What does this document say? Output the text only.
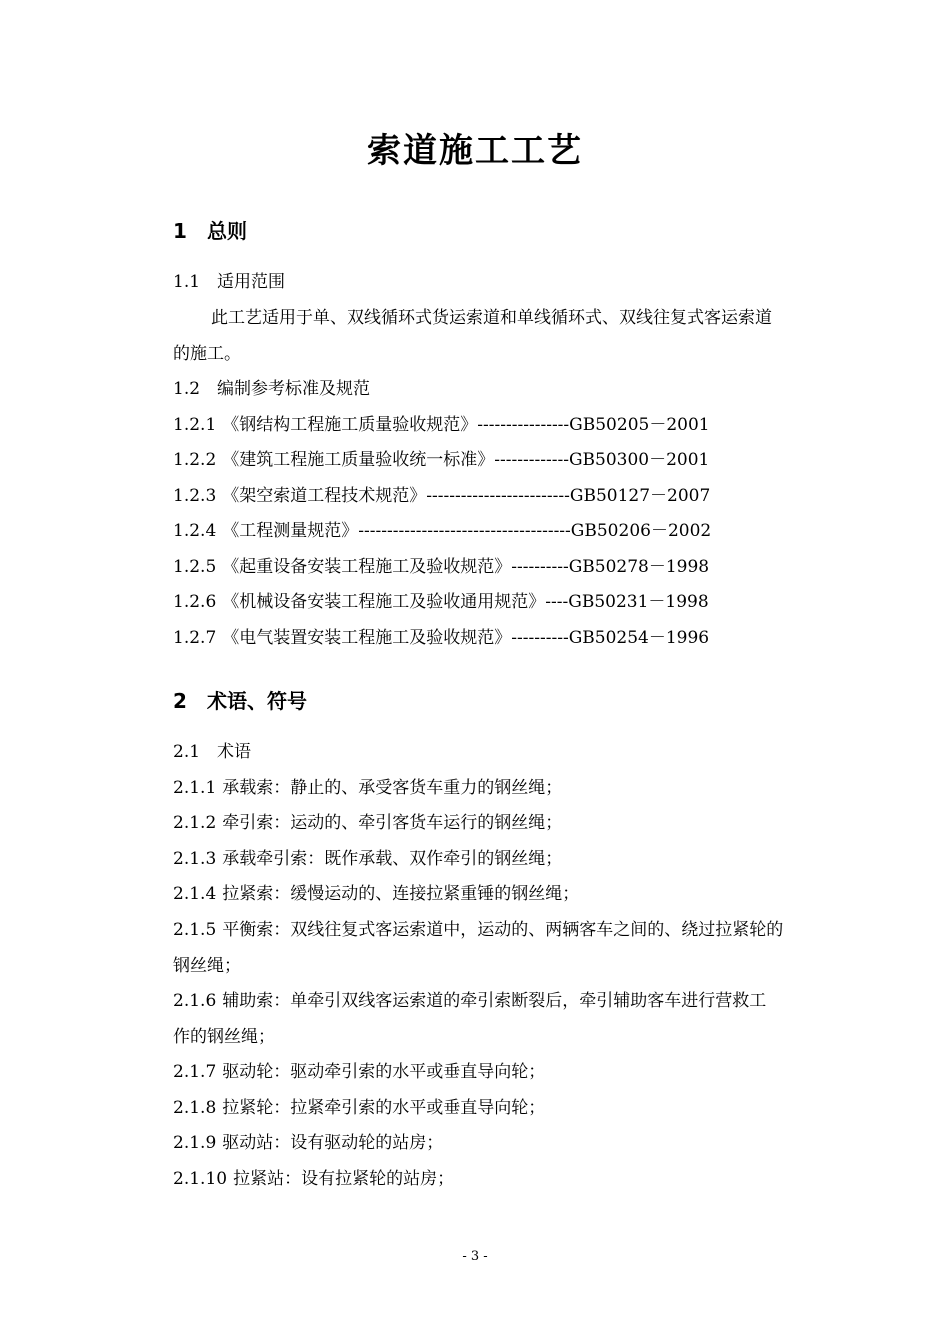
索道施工工艺
1 总则
1.1 适用范围
此工艺适用于单、双线循环式货运索道和单线循环式、双线往复式客运索道
的施工。
1.2 编制参考标准及规范
1.2.1 《钢结构工程施工质量验收规范》----------------GB50205－2001
1.2.2 《建筑工程施工质量验收统一标准》-------------GB50300－2001
1.2.3 《架空索道工程技术规范》-------------------------GB50127－2007
1.2.4 《工程测量规范》-------------------------------------GB50206－2002
1.2.5 《起重设备安装工程施工及验收规范》----------GB50278－1998
1.2.6 《机械设备安装工程施工及验收通用规范》----GB50231－1998
1.2.7 《电气装置安装工程施工及验收规范》----------GB50254－1996
2 术语、符号
2.1 术语
2.1.1 承载索：静止的、承受客货车重力的钢丝绳；
2.1.2 牵引索：运动的、牵引客货车运行的钢丝绳；
2.1.3 承载牵引索：既作承载、双作牵引的钢丝绳；
2.1.4 拉紧索：缓慢运动的、连接拉紧重锤的钢丝绳；
2.1.5 平衡索：双线往复式客运索道中，运动的、两辆客车之间的、绕过拉紧轮的
钢丝绳；
2.1.6 辅助索：单牵引双线客运索道的牵引索断裂后，牵引辅助客车进行营救工
作的钢丝绳；
2.1.7 驱动轮：驱动牵引索的水平或垂直导向轮；
2.1.8 拉紧轮：拉紧牵引索的水平或垂直导向轮；
2.1.9 驱动站：设有驱动轮的站房；
2.1.10 拉紧站：设有拉紧轮的站房；
- 3 -
